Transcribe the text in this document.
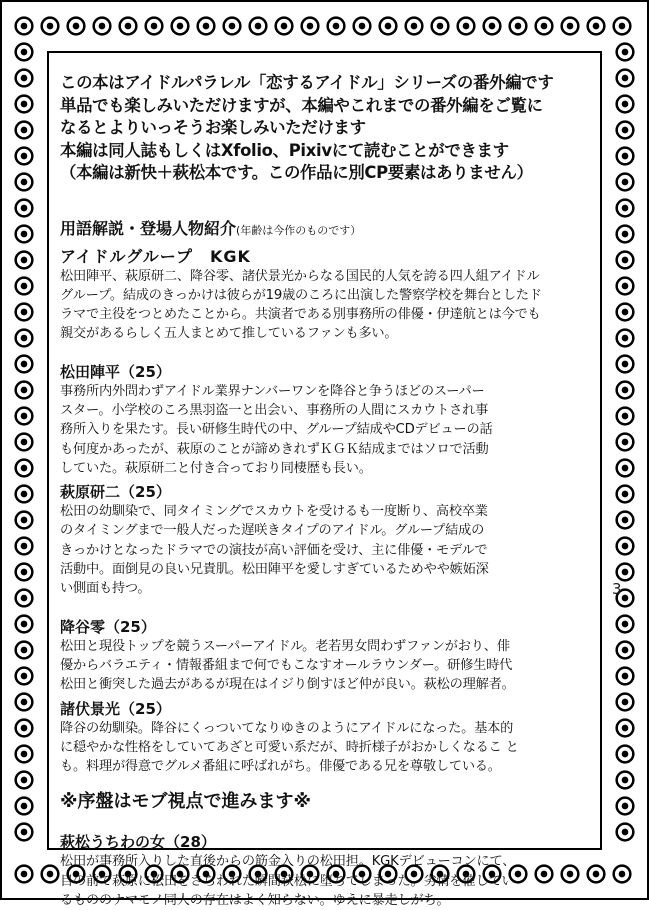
この本はアイドルパラレル「恋するアイドル」シリーズの番外編です

単品でも楽しみいただけますが、本編やこれまでの番外編をご覧に

なるとよりいっそうお楽しみいただけます

本編は同人誌もしくはXfolio、Pixivにて読むことができます

（本編は新快＋萩松本です。この作品に別CP要素はありません）

用語解説・登場人物紹介(年齢は今作のものです）
アイドルグループ　KGK

松田陣平、萩原研二、降谷零、諸伏景光からなる国民的人気を誇る四人組アイドル

グループ。結成のきっかけは彼らが19歳のころに出演した警察学校を舞台としたド

ラマで主役をつとめたことから。共演者である別事務所の俳優・伊達航とは今でも

親交があるらしく五人まとめて推しているファンも多い。

松田陣平（25）

事務所内外問わずアイドル業界ナンバーワンを降谷と争うほどのスーパー

スター。小学校のころ黒羽盗一と出会い、事務所の人間にスカウトされ事

務所入りを果たす。長い研修生時代の中、グループ結成やCDデビューの話

も何度かあったが、萩原のことが諦めきれずＫＧＫ結成まではソロで活動

していた。萩原研二と付き合っており同棲歴も長い。

萩原研二（25）

松田の幼馴染で、同タイミングでスカウトを受けるも一度断り、高校卒業

のタイミングまで一般人だった遅咲きタイプのアイドル。グループ結成の

きっかけとなったドラマでの演技が高い評価を受け、主に俳優・モデルで

活動中。面倒見の良い兄貴肌。松田陣平を愛しすぎているためやや嫉妬深

い側面も持つ。

降谷零（25）

松田と現役トップを競うスーパーアイドル。老若男女問わずファンがおり、俳

優からバラエティ・情報番組まで何でもこなすオールラウンダー。研修生時代

松田と衝突した過去があるが現在はイジり倒すほど仲が良い。萩松の理解者。

諸伏景光（25）

降谷の幼馴染。降谷にくっついてなりゆきのようにアイドルになった。基本的

に穏やかな性格をしていてあざと可愛い系だが、時折様子がおかしくなるこ と

も。料理が得意でグルメ番組に呼ばれがち。俳優である兄を尊敬している。

※序盤はモブ視点で進みます※
萩松うちわの女（28）

松田が事務所入りした直後からの筋金入りの松田担。KGKデビューコンにて、

目の前で萩原に松田をさらわれた瞬間萩松に堕ちてしまった。劣情を催してい

るもののナマモノ同人の存在はよく知らない。ゆえに暴走しがち。

3
